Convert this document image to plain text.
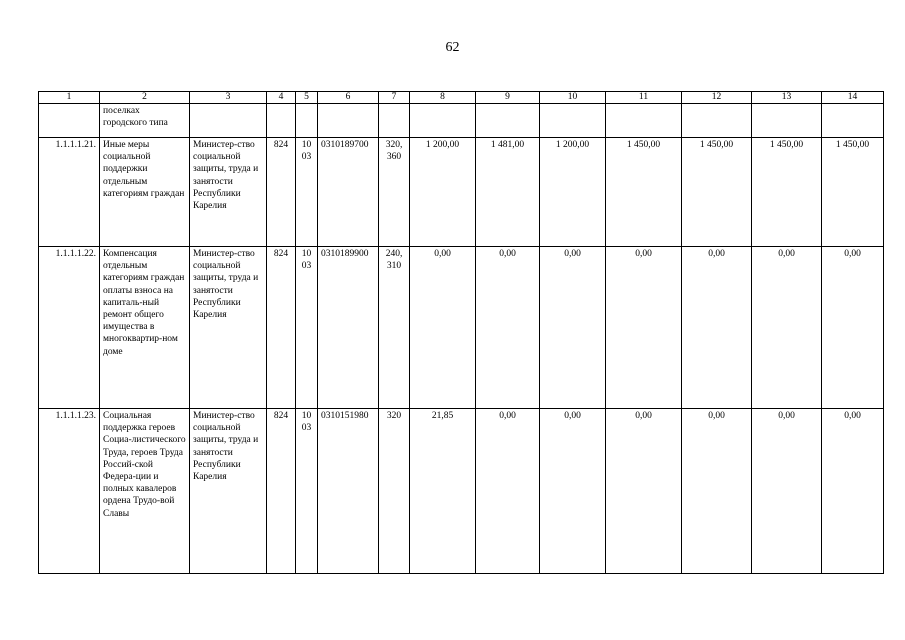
62
1	2	3	4	5	6	7	8	9	10	11	12	13	14
	поселках городского типа												
1.1.1.1.21.	Иные меры социальной поддержки отдельным категориям граждан	Министер-ство социальной защиты, труда и занятости Республики Карелия	824	10 03	0310189700	320, 360	1 200,00	1 481,00	1 200,00	1 450,00	1 450,00	1 450,00	1 450,00
1.1.1.1.22.	Компенсация отдельным категориям граждан оплаты взноса на капиталь-ный ремонт общего имущества в многоквартир-ном доме	Министер-ство социальной защиты, труда и занятости Республики Карелия	824	10 03	0310189900	240, 310	0,00	0,00	0,00	0,00	0,00	0,00	0,00
1.1.1.1.23.	Социальная поддержка героев Социа-листического Труда, героев Труда Россий-ской Федера-ции и полных кавалеров ордена Трудо-вой Славы	Министер-ство социальной защиты, труда и занятости Республики Карелия	824	10 03	0310151980	320	21,85	0,00	0,00	0,00	0,00	0,00	0,00
